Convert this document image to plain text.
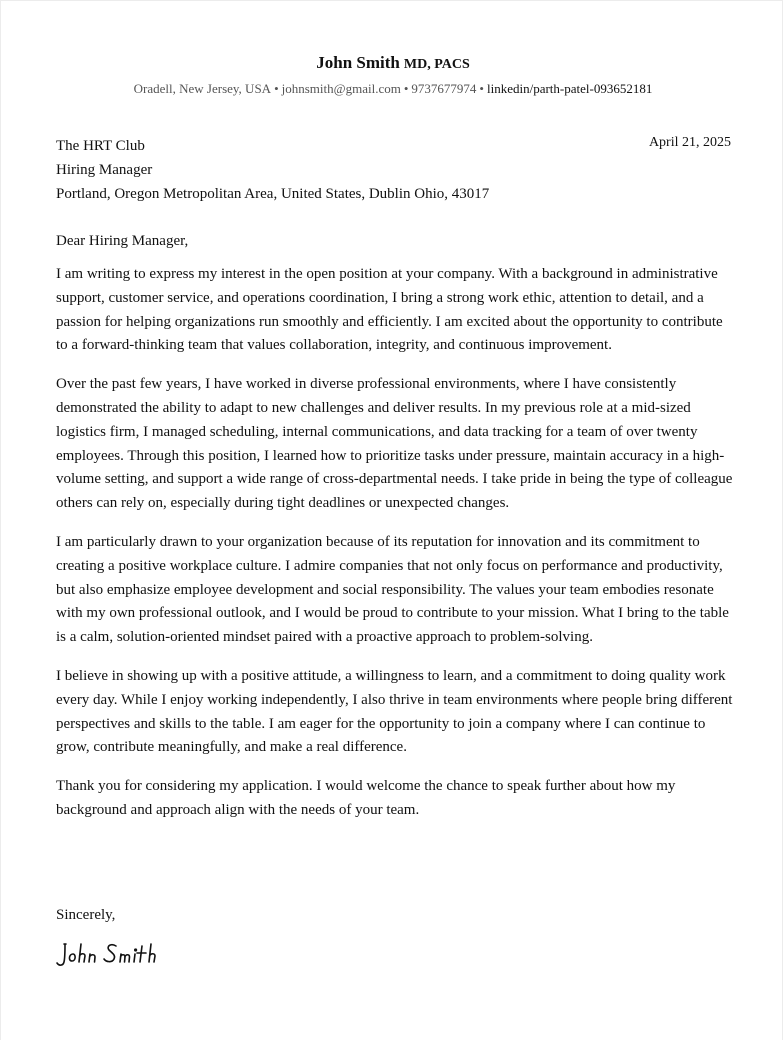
John Smith MD, PACS
Oradell, New Jersey, USA • johnsmith@gmail.com • 9737677974 • linkedin/parth-patel-093652181
April 21, 2025
The HRT Club
Hiring Manager
Portland, Oregon Metropolitan Area, United States, Dublin Ohio, 43017
Dear Hiring Manager,

I am writing to express my interest in the open position at your company. With a background in administrative support, customer service, and operations coordination, I bring a strong work ethic, attention to detail, and a passion for helping organizations run smoothly and efficiently. I am excited about the opportunity to contribute to a forward-thinking team that values collaboration, integrity, and continuous improvement.

Over the past few years, I have worked in diverse professional environments, where I have consistently demonstrated the ability to adapt to new challenges and deliver results. In my previous role at a mid-sized logistics firm, I managed scheduling, internal communications, and data tracking for a team of over twenty employees. Through this position, I learned how to prioritize tasks under pressure, maintain accuracy in a high-volume setting, and support a wide range of cross-departmental needs. I take pride in being the type of colleague others can rely on, especially during tight deadlines or unexpected changes.

I am particularly drawn to your organization because of its reputation for innovation and its commitment to creating a positive workplace culture. I admire companies that not only focus on performance and productivity, but also emphasize employee development and social responsibility. The values your team embodies resonate with my own professional outlook, and I would be proud to contribute to your mission. What I bring to the table is a calm, solution-oriented mindset paired with a proactive approach to problem-solving.

I believe in showing up with a positive attitude, a willingness to learn, and a commitment to doing quality work every day. While I enjoy working independently, I also thrive in team environments where people bring different perspectives and skills to the table. I am eager for the opportunity to join a company where I can continue to grow, contribute meaningfully, and make a real difference.

Thank you for considering my application. I would welcome the chance to speak further about how my background and approach align with the needs of your team.

Sincerely,
